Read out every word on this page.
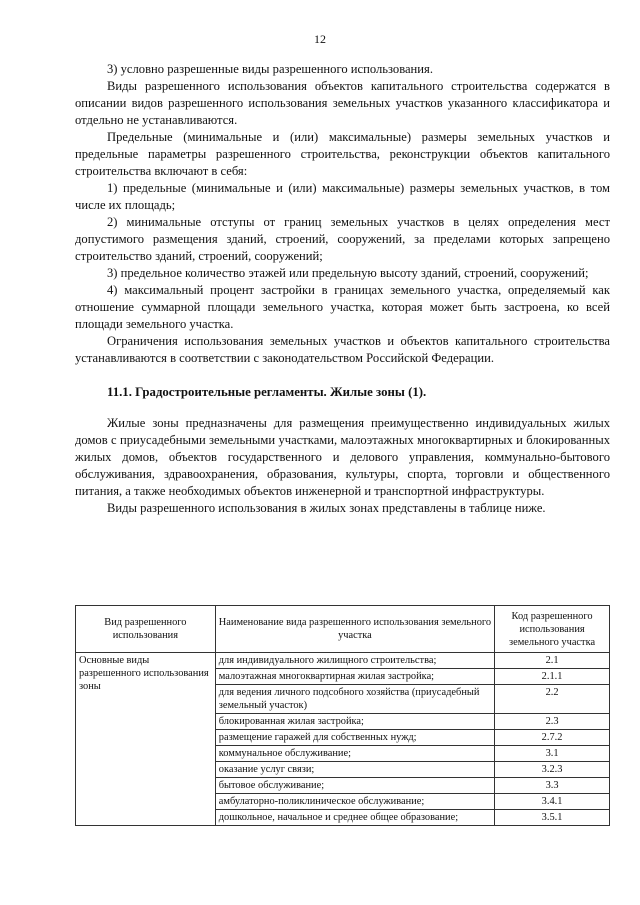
12

3) условно разрешенные виды разрешенного использования.

Виды разрешенного использования объектов капитального строительства содержатся в описании видов разрешенного использования земельных участков указанного классификатора и отдельно не устанавливаются.

Предельные (минимальные и (или) максимальные) размеры земельных участков и предельные параметры разрешенного строительства, реконструкции объектов капитального строительства включают в себя:

1) предельные (минимальные и (или) максимальные) размеры земельных участков, в том числе их площадь;

2) минимальные отступы от границ земельных участков в целях определения мест допустимого размещения зданий, строений, сооружений, за пределами которых запрещено строительство зданий, строений, сооружений;

3) предельное количество этажей или предельную высоту зданий, строений, сооружений;

4) максимальный процент застройки в границах земельного участка, определяемый как отношение суммарной площади земельного участка, которая может быть застроена, ко всей площади земельного участка.

Ограничения использования земельных участков и объектов капитального строительства устанавливаются в соответствии с законодательством Российской Федерации.

11.1. Градостроительные регламенты. Жилые зоны (1).

Жилые зоны предназначены для размещения преимущественно индивидуальных жилых домов с приусадебными земельными участками, малоэтажных многоквартирных и блокированных жилых домов, объектов государственного и делового управления, коммунально-бытового обслуживания, здравоохранения, образования, культуры, спорта, торговли и общественного питания, а также необходимых объектов инженерной и транспортной инфраструктуры.

Виды разрешенного использования в жилых зонах представлены в таблице ниже.

Вид разрешенного использования	Наименование вида разрешенного использования земельного участка	Код разрешенного использования земельного участка
Основные виды разрешенного использования зоны	для индивидуального жилищного строительства;	2.1
	малоэтажная многоквартирная жилая застройка;	2.1.1
	для ведения личного подсобного хозяйства (приусадебный земельный участок)	2.2
	блокированная жилая застройка;	2.3
	размещение гаражей для собственных нужд;	2.7.2
	коммунальное обслуживание;	3.1
	оказание услуг связи;	3.2.3
	бытовое обслуживание;	3.3
	амбулаторно-поликлиническое обслуживание;	3.4.1
	дошкольное, начальное и среднее общее образование;	3.5.1
